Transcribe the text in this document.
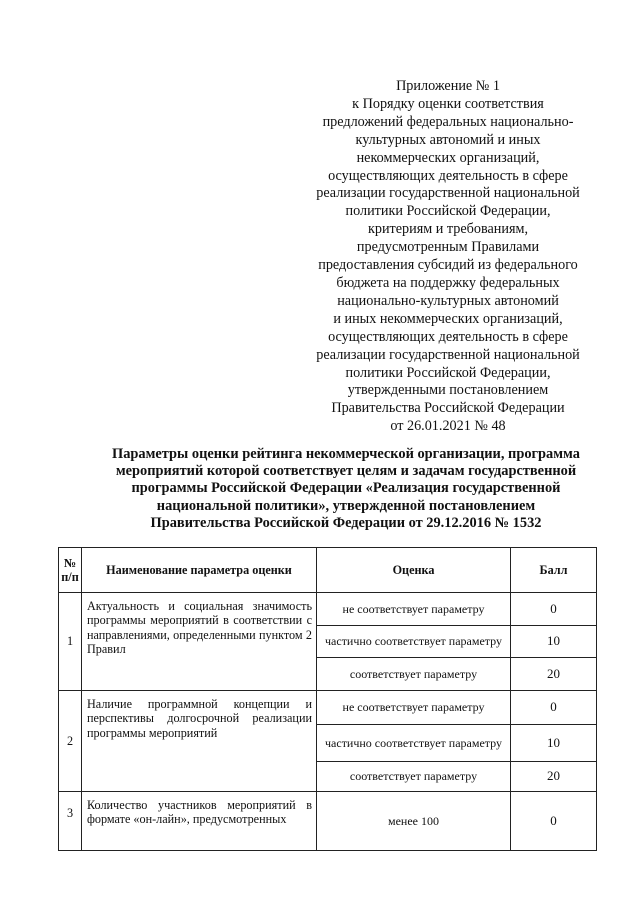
Приложение № 1
к Порядку оценки соответствия
предложений федеральных национально-
культурных автономий и иных
некоммерческих организаций,
осуществляющих деятельность в сфере
реализации государственной национальной
политики Российской Федерации,
критериям и требованиям,
предусмотренным Правилами
предоставления субсидий из федерального
бюджета на поддержку федеральных
национально-культурных автономий
и иных некоммерческих организаций,
осуществляющих деятельность в сфере
реализации государственной национальной
политики Российской Федерации,
утвержденными постановлением
Правительства Российской Федерации
от 26.01.2021 № 48
Параметры оценки рейтинга некоммерческой организации, программа
мероприятий которой соответствует целям и задачам государственной
программы Российской Федерации «Реализация государственной
национальной политики», утвержденной постановлением
Правительства Российской Федерации от 29.12.2016 № 1532
№
п/п	Наименование параметра оценки	Оценка	Балл
1	Актуальность и социальная значимость программы мероприятий в соответствии с направлениями, определенными пунктом 2 Правил	не соответствует параметру	0
		частично соответствует параметру	10
		соответствует параметру	20
2	Наличие программной концепции и перспективы долгосрочной реализации программы мероприятий	не соответствует параметру	0
		частично соответствует параметру	10
		соответствует параметру	20
3	Количество участников мероприятий в формате «он-лайн», предусмотренных	менее 100	0
